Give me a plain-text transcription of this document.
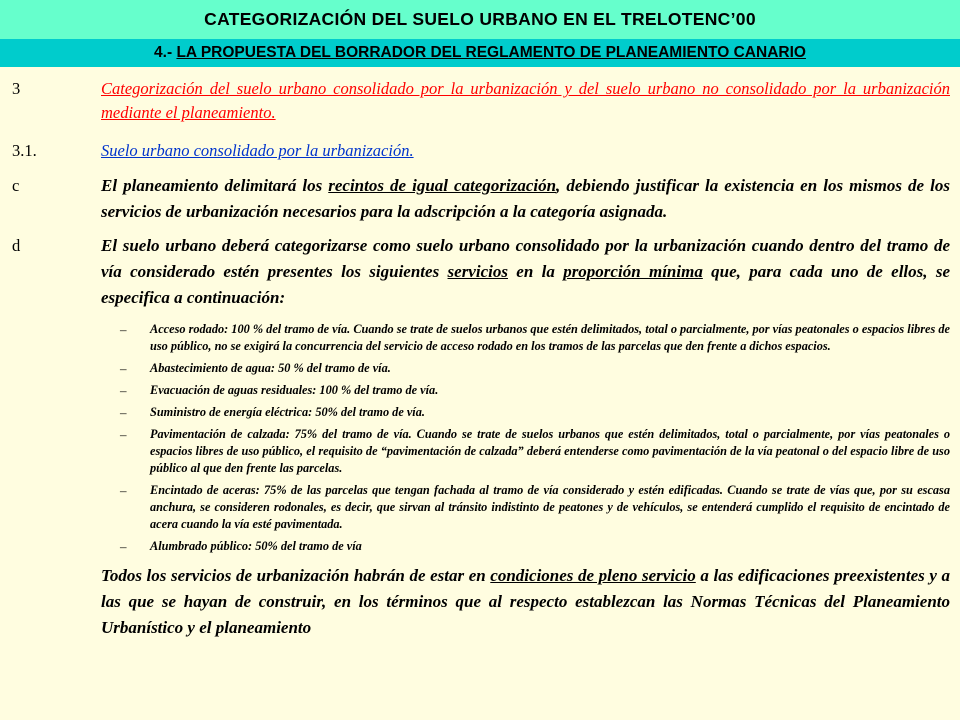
CATEGORIZACIÓN DEL SUELO URBANO EN EL TRELOTENC’00
4.- LA PROPUESTA DEL BORRADOR DEL REGLAMENTO DE PLANEAMIENTO CANARIO
3	Categorización del suelo urbano consolidado por la urbanización y del suelo urbano no consolidado por la urbanización mediante el planeamiento.
3.1.	Suelo urbano consolidado por la urbanización.
c	El planeamiento delimitará los recintos de igual categorización, debiendo justificar la existencia en los mismos de los servicios de urbanización necesarios para la adscripción a la categoría asignada.
d	El suelo urbano deberá categorizarse como suelo urbano consolidado por la urbanización cuando dentro del tramo de vía considerado estén presentes los siguientes servicios en la proporción mínima que, para cada uno de ellos, se especifica a continuación:
–	Acceso rodado: 100 % del tramo de vía. Cuando se trate de suelos urbanos que estén delimitados, total o parcialmente, por vías peatonales o espacios libres de uso público, no se exigirá la concurrencia del servicio de acceso rodado en los tramos de las parcelas que den frente a dichos espacios.
–	Abastecimiento de agua: 50 % del tramo de vía.
–	Evacuación de aguas residuales: 100 % del tramo de vía.
–	Suministro de energía eléctrica: 50% del tramo de vía.
–	Pavimentación de calzada: 75% del tramo de vía. Cuando se trate de suelos urbanos que estén delimitados, total o parcialmente, por vías peatonales o espacios libres de uso público, el requisito de “pavimentación de calzada” deberá entenderse como pavimentación de la vía peatonal o del espacio libre de uso público al que den frente las parcelas.
–	Encintado de aceras: 75% de las parcelas que tengan fachada al tramo de vía considerado y estén edificadas. Cuando se trate de vías que, por su escasa anchura, se consideren rodonales, es decir, que sirvan al tránsito indistinto de peatones y de vehículos, se entenderá cumplido el requisito de encintado de acera cuando la vía esté pavimentada.
–	Alumbrado público: 50% del tramo de vía
Todos los servicios de urbanización habrán de estar en condiciones de pleno servicio a las edificaciones preexistentes y a las que se hayan de construir, en los términos que al respecto establezcan las Normas Técnicas del Planeamiento Urbanístico y el planeamiento
